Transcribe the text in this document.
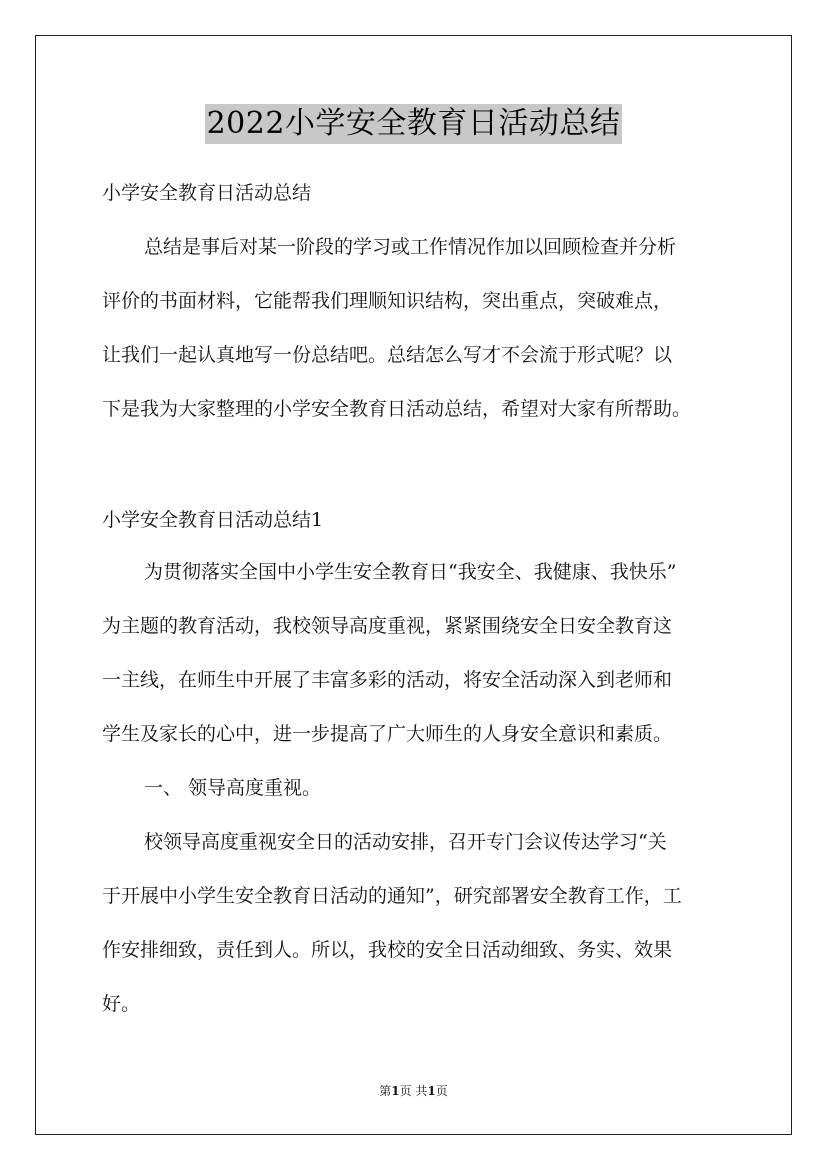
2022小学安全教育日活动总结
小学安全教育日活动总结
总结是事后对某一阶段的学习或工作情况作加以回顾检查并分析
评价的书面材料，它能帮我们理顺知识结构，突出重点，突破难点，
让我们一起认真地写一份总结吧。总结怎么写才不会流于形式呢？以
下是我为大家整理的小学安全教育日活动总结，希望对大家有所帮助。
小学安全教育日活动总结1
为贯彻落实全国中小学生安全教育日“我安全、我健康、我快乐”
为主题的教育活动，我校领导高度重视，紧紧围绕安全日安全教育这
一主线，在师生中开展了丰富多彩的活动，将安全活动深入到老师和
学生及家长的心中，进一步提高了广大师生的人身安全意识和素质。
一、 领导高度重视。
校领导高度重视安全日的活动安排，召开专门会议传达学习“关
于开展中小学生安全教育日活动的通知”，研究部署安全教育工作，工
作安排细致，责任到人。所以，我校的安全日活动细致、务实、效果
好。
第1页 共1页
